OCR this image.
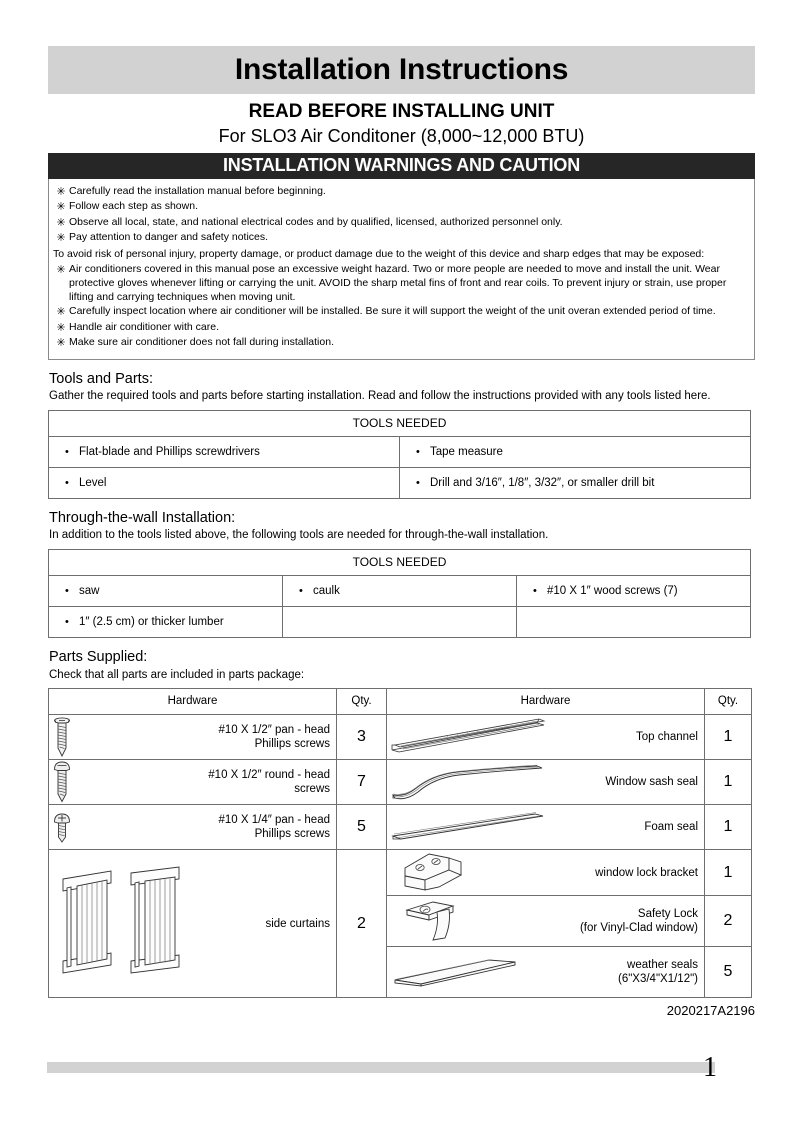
Installation Instructions
READ BEFORE INSTALLING UNIT
For SLO3 Air Conditoner (8,000~12,000 BTU)
INSTALLATION WARNINGS AND CAUTION
✳ Carefully read the installation manual before beginning.
✳ Follow each step as shown.
✳ Observe all local, state, and national electrical codes and by qualified, licensed, authorized personnel only.
✳ Pay attention to danger and safety notices.
To avoid risk of personal injury, property damage, or product damage due to the weight of this device and sharp edges that may be exposed:
✳ Air conditioners covered in this manual pose an excessive weight hazard. Two or more people are needed to move and install the unit. Wear protective gloves whenever lifting or carrying the unit. AVOID the sharp metal fins of front and rear coils. To prevent injury or strain, use proper lifting and carrying techniques when moving unit.
✳ Carefully inspect location where air conditioner will be installed. Be sure it will support the weight of the unit overan extended period of time.
✳ Handle air conditioner with care.
✳ Make sure air conditioner does not fall during installation.
Tools and Parts:
Gather the required tools and parts before starting installation. Read and follow the instructions provided with any tools listed here.
TOOLS NEEDED	
•Flat-blade and Phillips screwdrivers	•Tape measure
•Level	•Drill and 3/16″, 1/8″, 3/32″, or smaller drill bit
Through-the-wall Installation:
In addition to the tools listed above, the following tools are needed for through-the-wall installation.
TOOLS NEEDED		
•saw	•caulk	•#10 X 1″ wood screws (7)
•1″ (2.5 cm) or thicker lumber		
Parts Supplied:
Check that all parts are included in parts package:
Hardware	Qty.	Hardware	Qty.

#10 X 1/2″ pan - head
Phillips screws	3	Top channel	1

#10 X 1/2″ round - head
screws	7	Window sash seal	1

#10 X 1/4″ pan - head
Phillips screws	5	Foam seal	1

side curtains	2	window lock bracket	1

		Safety Lock
(for Vinyl-Clad window)	2

		weather seals
(6"X3/4"X1/12")	5
2020217A2196
1
